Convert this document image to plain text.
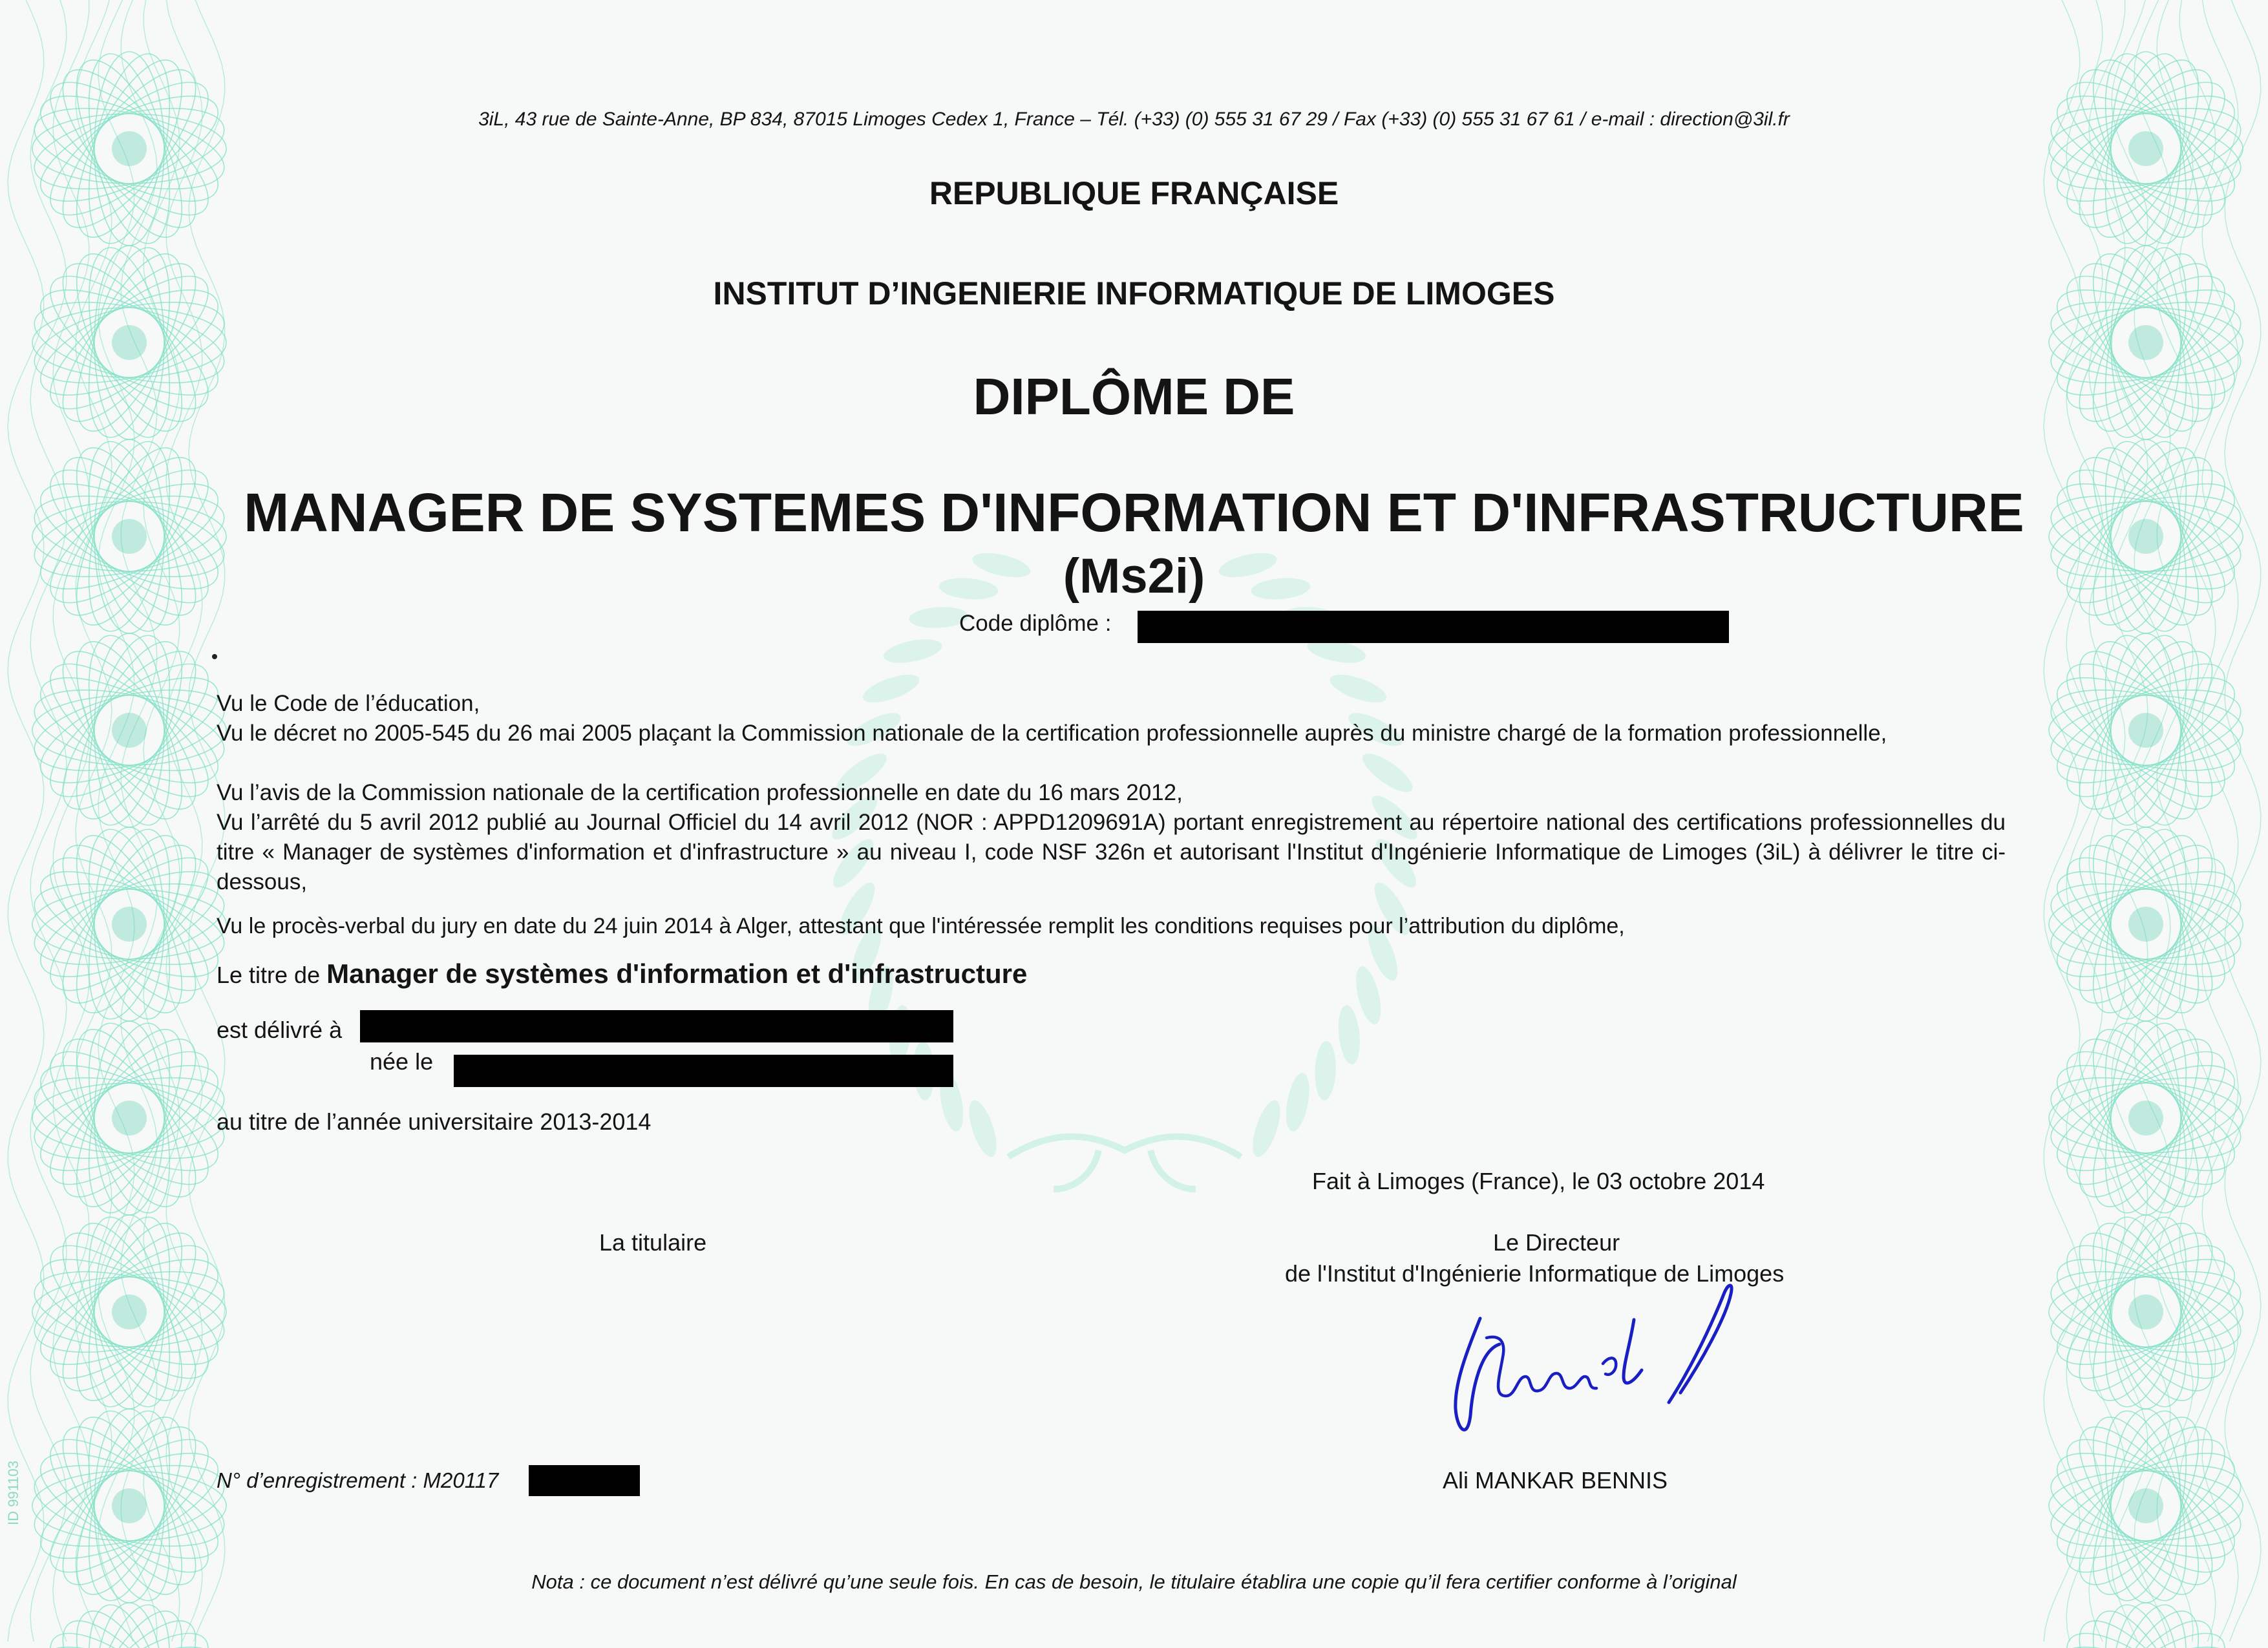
3iL, 43 rue de Sainte-Anne, BP 834, 87015 Limoges Cedex 1, France – Tél. (+33) (0) 555 31 67 29 / Fax (+33) (0) 555 31 67 61 / e-mail : direction@3il.fr
REPUBLIQUE FRANÇAISE
INSTITUT D’INGENIERIE INFORMATIQUE DE LIMOGES
DIPLÔME DE
MANAGER DE SYSTEMES D'INFORMATION ET D'INFRASTRUCTURE
(Ms2i)
Code diplôme :
Vu le Code de l’éducation,
Vu le décret no 2005-545 du 26 mai 2005 plaçant la Commission nationale de la certification professionnelle auprès du ministre chargé de la formation professionnelle,
Vu l’avis de la Commission nationale de la certification professionnelle en date du 16 mars 2012,
Vu l’arrêté du 5 avril 2012 publié au Journal Officiel du 14 avril 2012 (NOR : APPD1209691A) portant enregistrement au répertoire national des certifications professionnelles du titre « Manager de systèmes d'information et d'infrastructure » au niveau I, code NSF 326n et autorisant l'Institut d'Ingénierie Informatique de Limoges (3iL) à délivrer le titre ci-dessous,
Vu le procès-verbal du jury en date du 24 juin 2014 à Alger, attestant que l'intéressée remplit les conditions requises pour l’attribution du diplôme,
Le titre de Manager de systèmes d'information et d'infrastructure
est délivré à
née le
au titre de l’année universitaire 2013-2014
Fait à Limoges (France), le 03 octobre 2014
La titulaire	Le Directeur
de l'Institut d'Ingénierie Informatique de Limoges
Ali MANKAR BENNIS
N° d’enregistrement : M20117
Nota : ce document n’est délivré qu’une seule fois. En cas de besoin, le titulaire établira une copie qu’il fera certifier conforme à l’original
ID 991103
